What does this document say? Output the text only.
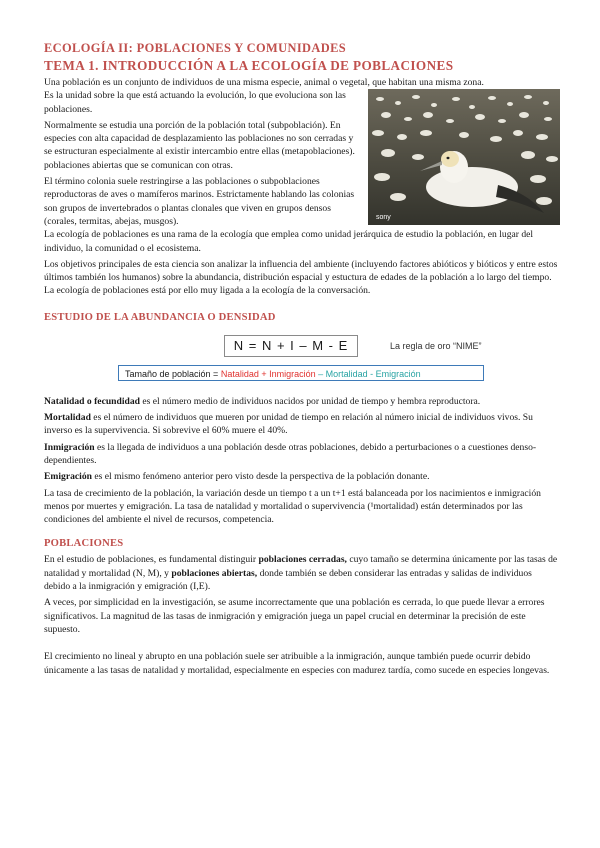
ECOLOGÍA II: POBLACIONES Y COMUNIDADES
TEMA 1. INTRODUCCIÓN A LA ECOLOGÍA DE POBLACIONES

Una población es un conjunto de individuos de una misma especie, animal o vegetal, que habitan una misma zona.

Es la unidad sobre la que está actuando la evolución, lo que evoluciona son las poblaciones.

Normalmente se estudia una porción de la población total (subpoblación). En especies con alta capacidad de desplazamiento las poblaciones no son cerradas y se estructuran especialmente al existir intercambio entre ellas (metapoblaciones). poblaciones abiertas que se comunican con otras.

El término colonia suele restringirse a las poblaciones o subpoblaciones reproductoras de aves o mamíferos marinos. Estrictamente hablando las colonias son grupos de invertebrados o plantas clonales que viven en grupos densos (corales, termitas, abejas, musgos).	sony

La ecología de poblaciones es una rama de la ecología que emplea como unidad jerárquica de estudio la población, en lugar del individuo, la comunidad o el ecosistema.

Los objetivos principales de esta ciencia son analizar la influencia del ambiente (incluyendo factores abióticos y bióticos y entre estos últimos también los humanos) sobre la abundancia, distribución espacial y estuctura de edades de la población a lo largo del tiempo. La ecología de poblaciones está por ello muy ligada a la ecología de la conversación.

ESTUDIO DE LA ABUNDANCIA O DENSIDAD
N = N + I – M - E	La regla de oro “NIME”
Tamaño de población = Natalidad + Inmigración – Mortalidad - Emigración

Natalidad o fecundidad es el número medio de individuos nacidos por unidad de tiempo y hembra reproductora.

Mortalidad es el número de individuos que mueren por unidad de tiempo en relación al número inicial de individuos vivos. Su inverso es la supervivencia. Si sobrevive el 60% muere el 40%.

Inmigración es la llegada de individuos a una población desde otras poblaciones, debido a perturbaciones o a cuestiones denso-dependientes.

Emigración es el mismo fenómeno anterior pero visto desde la perspectiva de la población donante.

La tasa de crecimiento de la población, la variación desde un tiempo t a un t+1 está balanceada por los nacimientos e inmigración menos por muertes y emigración. La tasa de natalidad y mortalidad o supervivencia (¹mortalidad) están determinados por las condiciones del ambiente el nivel de recursos, competencia.

POBLACIONES

En el estudio de poblaciones, es fundamental distinguir poblaciones cerradas, cuyo tamaño se determina únicamente por las tasas de natalidad y mortalidad (N, M), y poblaciones abiertas, donde también se deben considerar las entradas y salidas de individuos debido a la inmigración y emigración (I,E).

A veces, por simplicidad en la investigación, se asume incorrectamente que una población es cerrada, lo que puede llevar a errores significativos. La magnitud de las tasas de inmigración y emigración juega un papel crucial en determinar la precisión de este supuesto.

El crecimiento no lineal y abrupto en una población suele ser atribuible a la inmigración, aunque también puede ocurrir debido únicamente a las tasas de natalidad y mortalidad, especialmente en especies con madurez tardía, como sucede en especies longevas.
